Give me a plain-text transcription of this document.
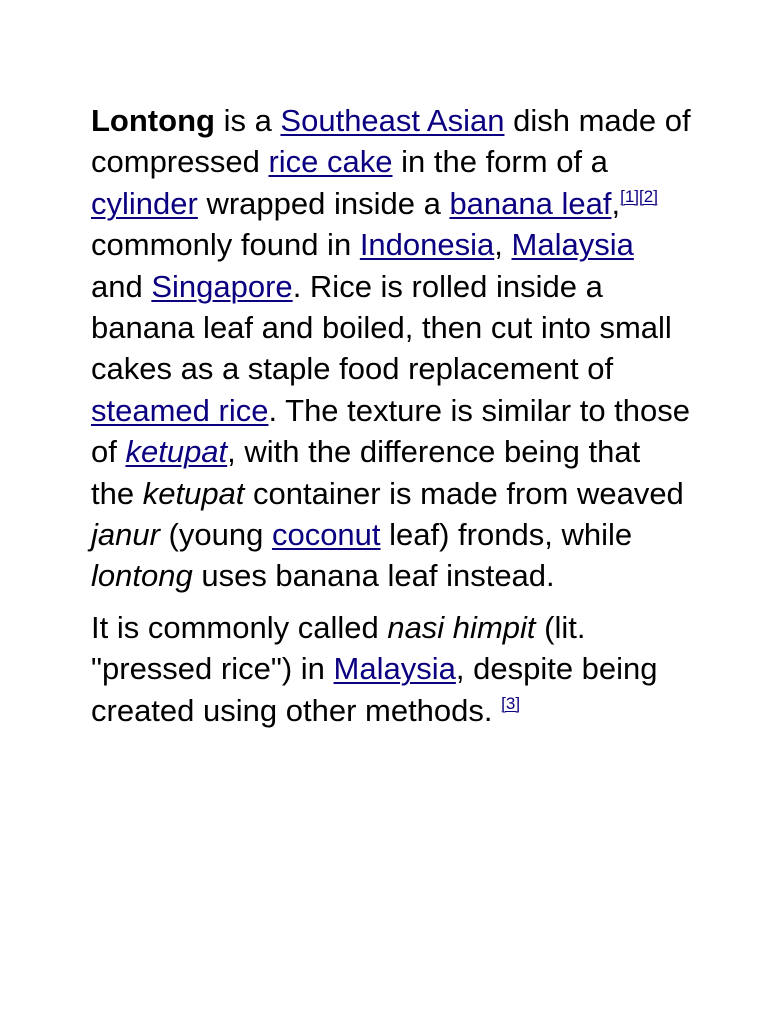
Lontong is a Southeast Asian dish made of compressed rice cake in the form of a cylinder wrapped inside a banana leaf,[1][2] commonly found in Indonesia, Malaysia and Singapore. Rice is rolled inside a banana leaf and boiled, then cut into small cakes as a staple food replacement of steamed rice. The texture is similar to those of ketupat, with the difference being that the ketupat container is made from weaved janur (young coconut leaf) fronds, while lontong uses banana leaf instead.

It is commonly called nasi himpit (lit. "pressed rice") in Malaysia, despite being created using other methods. [3]
